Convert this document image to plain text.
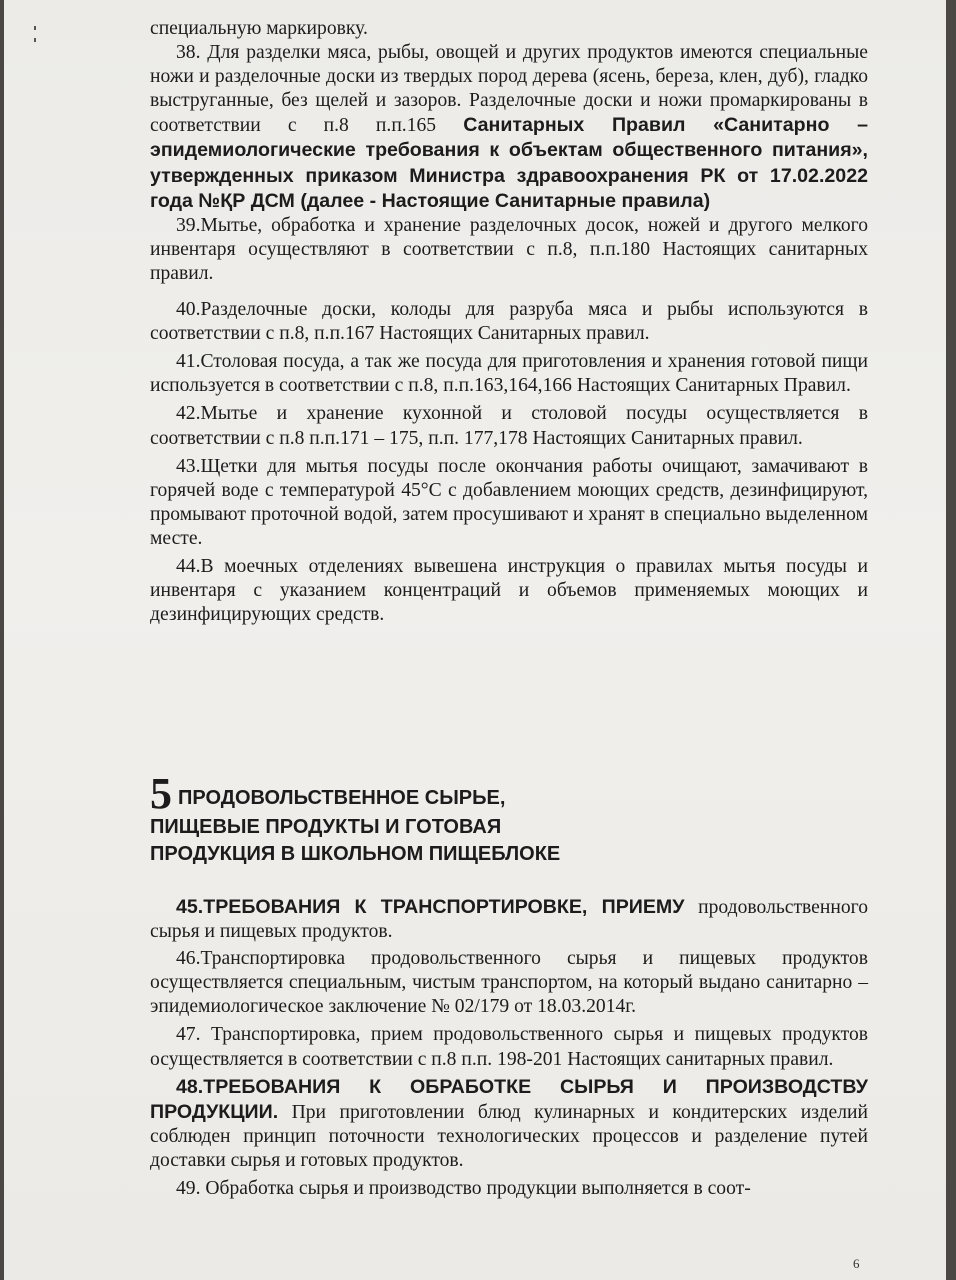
специальную маркировку.

38. Для разделки мяса, рыбы, овощей и других продуктов имеются специальные ножи и разделочные доски из твердых пород дерева (ясень, береза, клен, дуб), гладко выструганные, без щелей и зазоров. Разделочные доски и ножи промаркированы в соответствии с п.8 п.п.165 Санитарных Правил «Санитарно – эпидемиологические требования к объектам общественного питания», утвержденных приказом Министра здравоохранения РК от 17.02.2022 года №ҚР ДСМ (далее - Настоящие Санитарные правила)

39.Мытье, обработка и хранение разделочных досок, ножей и другого мелкого инвентаря осуществляют в соответствии с п.8, п.п.180 Настоящих санитарных правил.

40.Разделочные доски, колоды для разруба мяса и рыбы используются в соответствии с п.8, п.п.167 Настоящих Санитарных правил.

41.Столовая посуда, а так же посуда для приготовления и хранения готовой пищи используется в соответствии с п.8, п.п.163,164,166 Настоящих Санитарных Правил.

42.Мытье и хранение кухонной и столовой посуды осуществляется в соответствии с п.8 п.п.171 – 175, п.п. 177,178 Настоящих Санитарных правил.

43.Щетки для мытья посуды после окончания работы очищают, замачивают в горячей воде с температурой 45°С с добавлением моющих средств, дезинфицируют, промывают проточной водой, затем просушивают и хранят в специально выделенном месте.

44.В моечных отделениях вывешена инструкция о правилах мытья посуды и инвентаря с указанием концентраций и объемов применяемых моющих и дезинфицирующих средств.

5 ПРОДОВОЛЬСТВЕННОЕ СЫРЬЕ,

ПИЩЕВЫЕ ПРОДУКТЫ И ГОТОВАЯ

ПРОДУКЦИЯ В ШКОЛЬНОМ ПИЩЕБЛОКЕ

45.ТРЕБОВАНИЯ К ТРАНСПОРТИРОВКЕ, ПРИЕМУ продовольственного сырья и пищевых продуктов.

46.Транспортировка продовольственного сырья и пищевых продуктов осуществляется специальным, чистым транспортом, на который выдано санитарно – эпидемиологическое заключение № 02/179 от 18.03.2014г.

47. Транспортировка, прием продовольственного сырья и пищевых продуктов осуществляется в соответствии с п.8 п.п. 198-201 Настоящих санитарных правил.

48.ТРЕБОВАНИЯ К ОБРАБОТКЕ СЫРЬЯ И ПРОИЗВОДСТВУ ПРОДУКЦИИ. При приготовлении блюд кулинарных и кондитерских изделий соблюден принцип поточности технологических процессов и разделение путей доставки сырья и готовых продуктов.

49. Обработка сырья и производство продукции выполняется в соот-

6
